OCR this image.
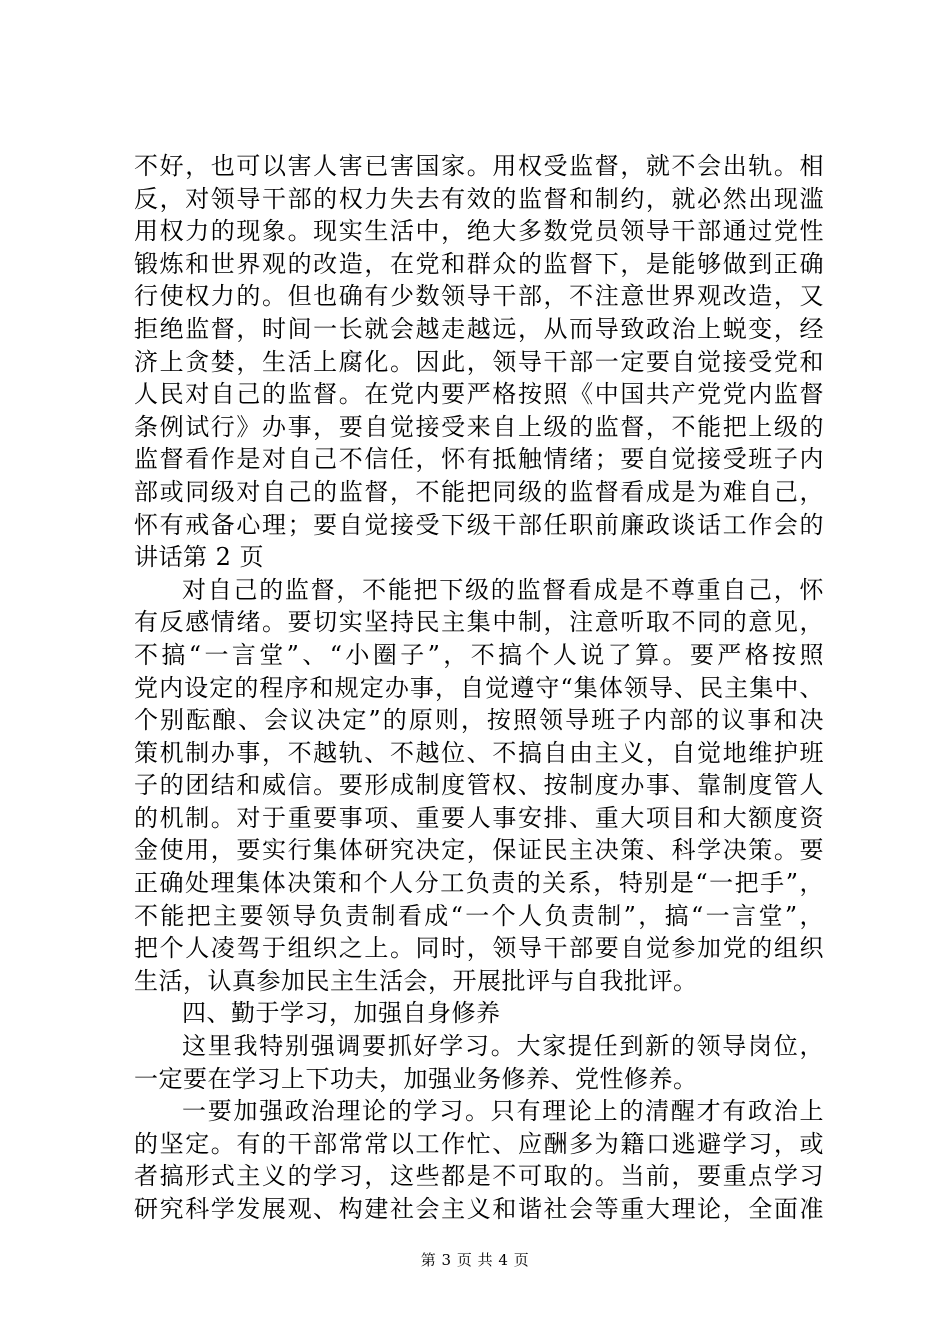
不好，也可以害人害已害国家。用权受监督，就不会出轨。相
反，对领导干部的权力失去有效的监督和制约，就必然出现滥
用权力的现象。现实生活中，绝大多数党员领导干部通过党性
锻炼和世界观的改造，在党和群众的监督下，是能够做到正确
行使权力的。但也确有少数领导干部，不注意世界观改造，又
拒绝监督，时间一长就会越走越远，从而导致政治上蜕变，经
济上贪婪，生活上腐化。因此，领导干部一定要自觉接受党和
人民对自己的监督。在党内要严格按照《中国共产党党内监督
条例试行》办事，要自觉接受来自上级的监督，不能把上级的
监督看作是对自己不信任，怀有抵触情绪；要自觉接受班子内
部或同级对自己的监督，不能把同级的监督看成是为难自己，
怀有戒备心理；要自觉接受下级干部任职前廉政谈话工作会的
讲话第 2 页
对自己的监督，不能把下级的监督看成是不尊重自己，怀
有反感情绪。要切实坚持民主集中制，注意听取不同的意见，
不搞“一言堂”、“小圈子”，不搞个人说了算。要严格按照
党内设定的程序和规定办事，自觉遵守“集体领导、民主集中、
个别酝酿、会议决定”的原则，按照领导班子内部的议事和决
策机制办事，不越轨、不越位、不搞自由主义，自觉地维护班
子的团结和威信。要形成制度管权、按制度办事、靠制度管人
的机制。对于重要事项、重要人事安排、重大项目和大额度资
金使用，要实行集体研究决定，保证民主决策、科学决策。要
正确处理集体决策和个人分工负责的关系，特别是“一把手”，
不能把主要领导负责制看成“一个人负责制”，搞“一言堂”，
把个人凌驾于组织之上。同时，领导干部要自觉参加党的组织
生活，认真参加民主生活会，开展批评与自我批评。
四、勤于学习，加强自身修养
这里我特别强调要抓好学习。大家提任到新的领导岗位，
一定要在学习上下功夫，加强业务修养、党性修养。
一要加强政治理论的学习。只有理论上的清醒才有政治上
的坚定。有的干部常常以工作忙、应酬多为籍口逃避学习，或
者搞形式主义的学习，这些都是不可取的。当前，要重点学习
研究科学发展观、构建社会主义和谐社会等重大理论，全面准
第 3 页 共 4 页
